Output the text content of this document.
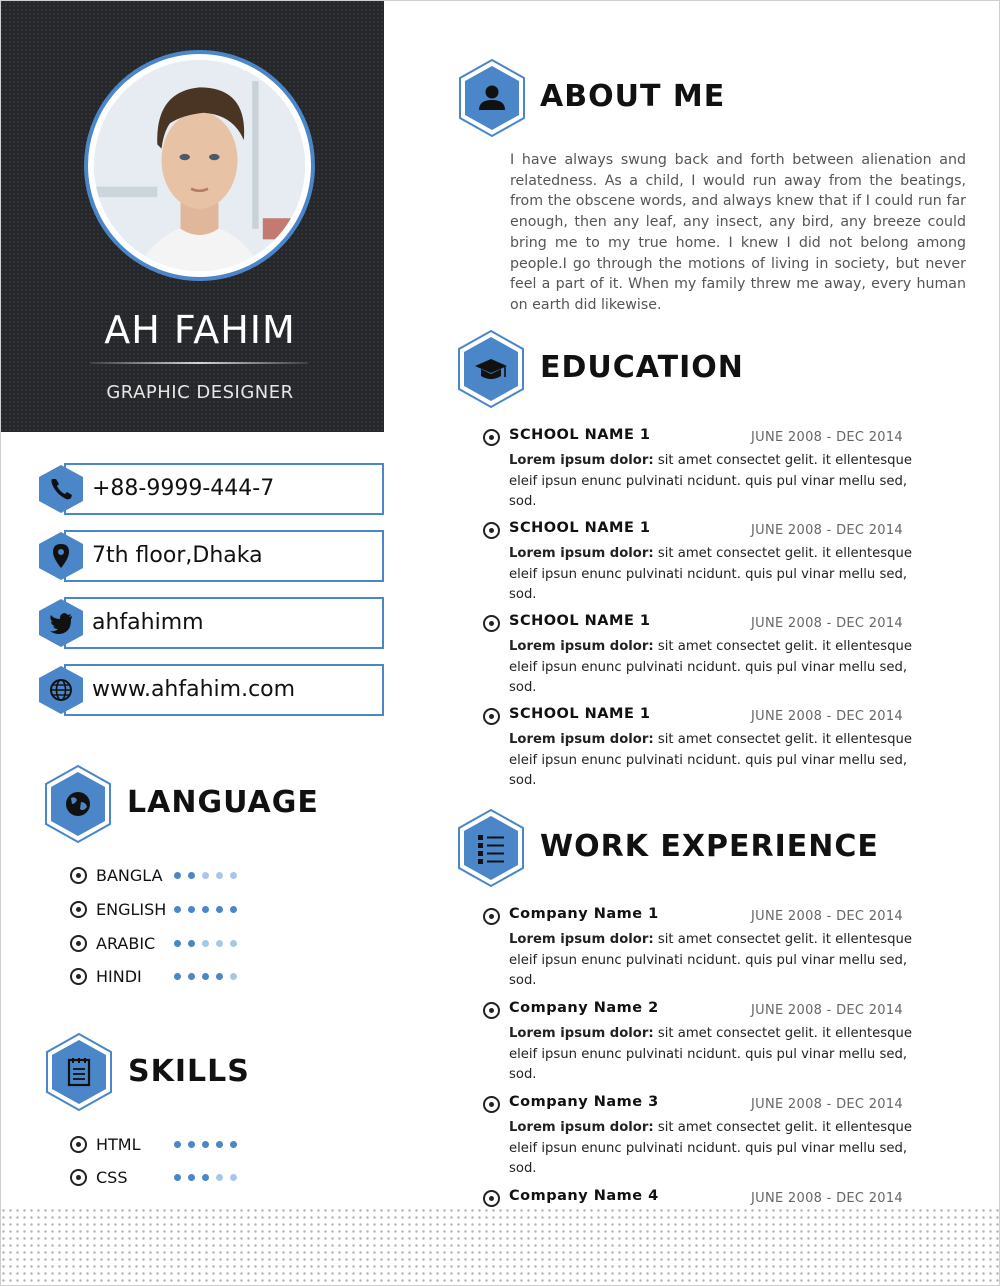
AH FAHIM
GRAPHIC DESIGNER
+88-9999-444-7
7th floor,Dhaka
ahfahimm
www.ahfahim.com
LANGUAGE
BANGLA
ENGLISH
ARABIC
HINDI
SKILLS
HTML
CSS
ABOUT ME
I have always swung back and forth between alienation and relatedness. As a child, I would run away from the beatings, from the obscene words, and always knew that if I could run far enough, then any leaf, any insect, any bird, any breeze could bring me to my true home. I knew I did not belong among people.I go through the motions of living in society, but never feel a part of it. When my family threw me away, every human on earth did likewise.
EDUCATION
SCHOOL NAME 1	JUNE 2008 - DEC 2014
Lorem ipsum dolor: sit amet consectet gelit. it ellentesque eleif ipsun enunc pulvinati ncidunt. quis pul vinar mellu sed, sod.
SCHOOL NAME 1	JUNE 2008 - DEC 2014
Lorem ipsum dolor: sit amet consectet gelit. it ellentesque eleif ipsun enunc pulvinati ncidunt. quis pul vinar mellu sed, sod.
SCHOOL NAME 1	JUNE 2008 - DEC 2014
Lorem ipsum dolor: sit amet consectet gelit. it ellentesque eleif ipsun enunc pulvinati ncidunt. quis pul vinar mellu sed, sod.
SCHOOL NAME 1	JUNE 2008 - DEC 2014
Lorem ipsum dolor: sit amet consectet gelit. it ellentesque eleif ipsun enunc pulvinati ncidunt. quis pul vinar mellu sed, sod.
WORK EXPERIENCE
Company Name 1	JUNE 2008 - DEC 2014
Lorem ipsum dolor: sit amet consectet gelit. it ellentesque eleif ipsun enunc pulvinati ncidunt. quis pul vinar mellu sed, sod.
Company Name 2	JUNE 2008 - DEC 2014
Lorem ipsum dolor: sit amet consectet gelit. it ellentesque eleif ipsun enunc pulvinati ncidunt. quis pul vinar mellu sed, sod.
Company Name 3	JUNE 2008 - DEC 2014
Lorem ipsum dolor: sit amet consectet gelit. it ellentesque eleif ipsun enunc pulvinati ncidunt. quis pul vinar mellu sed, sod.
Company Name 4	JUNE 2008 - DEC 2014
